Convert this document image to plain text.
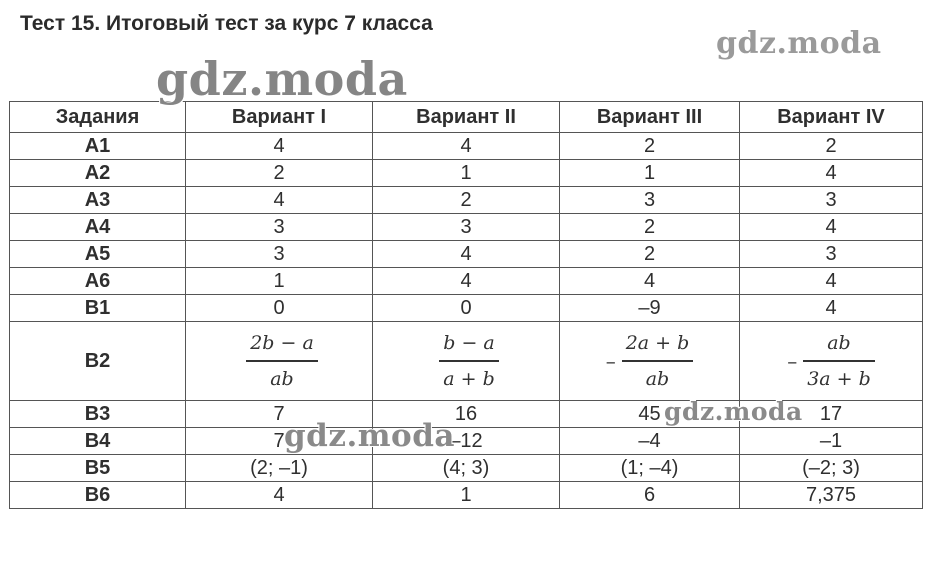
Тест 15. Итоговый тест за курс 7 класса
gdz.moda
gdz.moda
gdz.moda
gdz.moda
Задания	Вариант I	Вариант II	Вариант III	Вариант IV
A1	4	4	2	2
A2	2	1	1	4
A3	4	2	3	3
A4	3	3	2	4
A5	3	4	2	3
A6	1	4	4	4
B1	0	0	–9	4
B2	$\frac{2b - a}{ab}$	$\frac{b - a}{a + b}$	– $\frac{2a + b}{ab}$	– $\frac{ab}{3a + b}$

B3	7	16	45	17
B4	7	–12	–4	–1
B5	(2; –1)	(4; 3)	(1; –4)	(–2; 3)
B6	4	1	6	7,375
